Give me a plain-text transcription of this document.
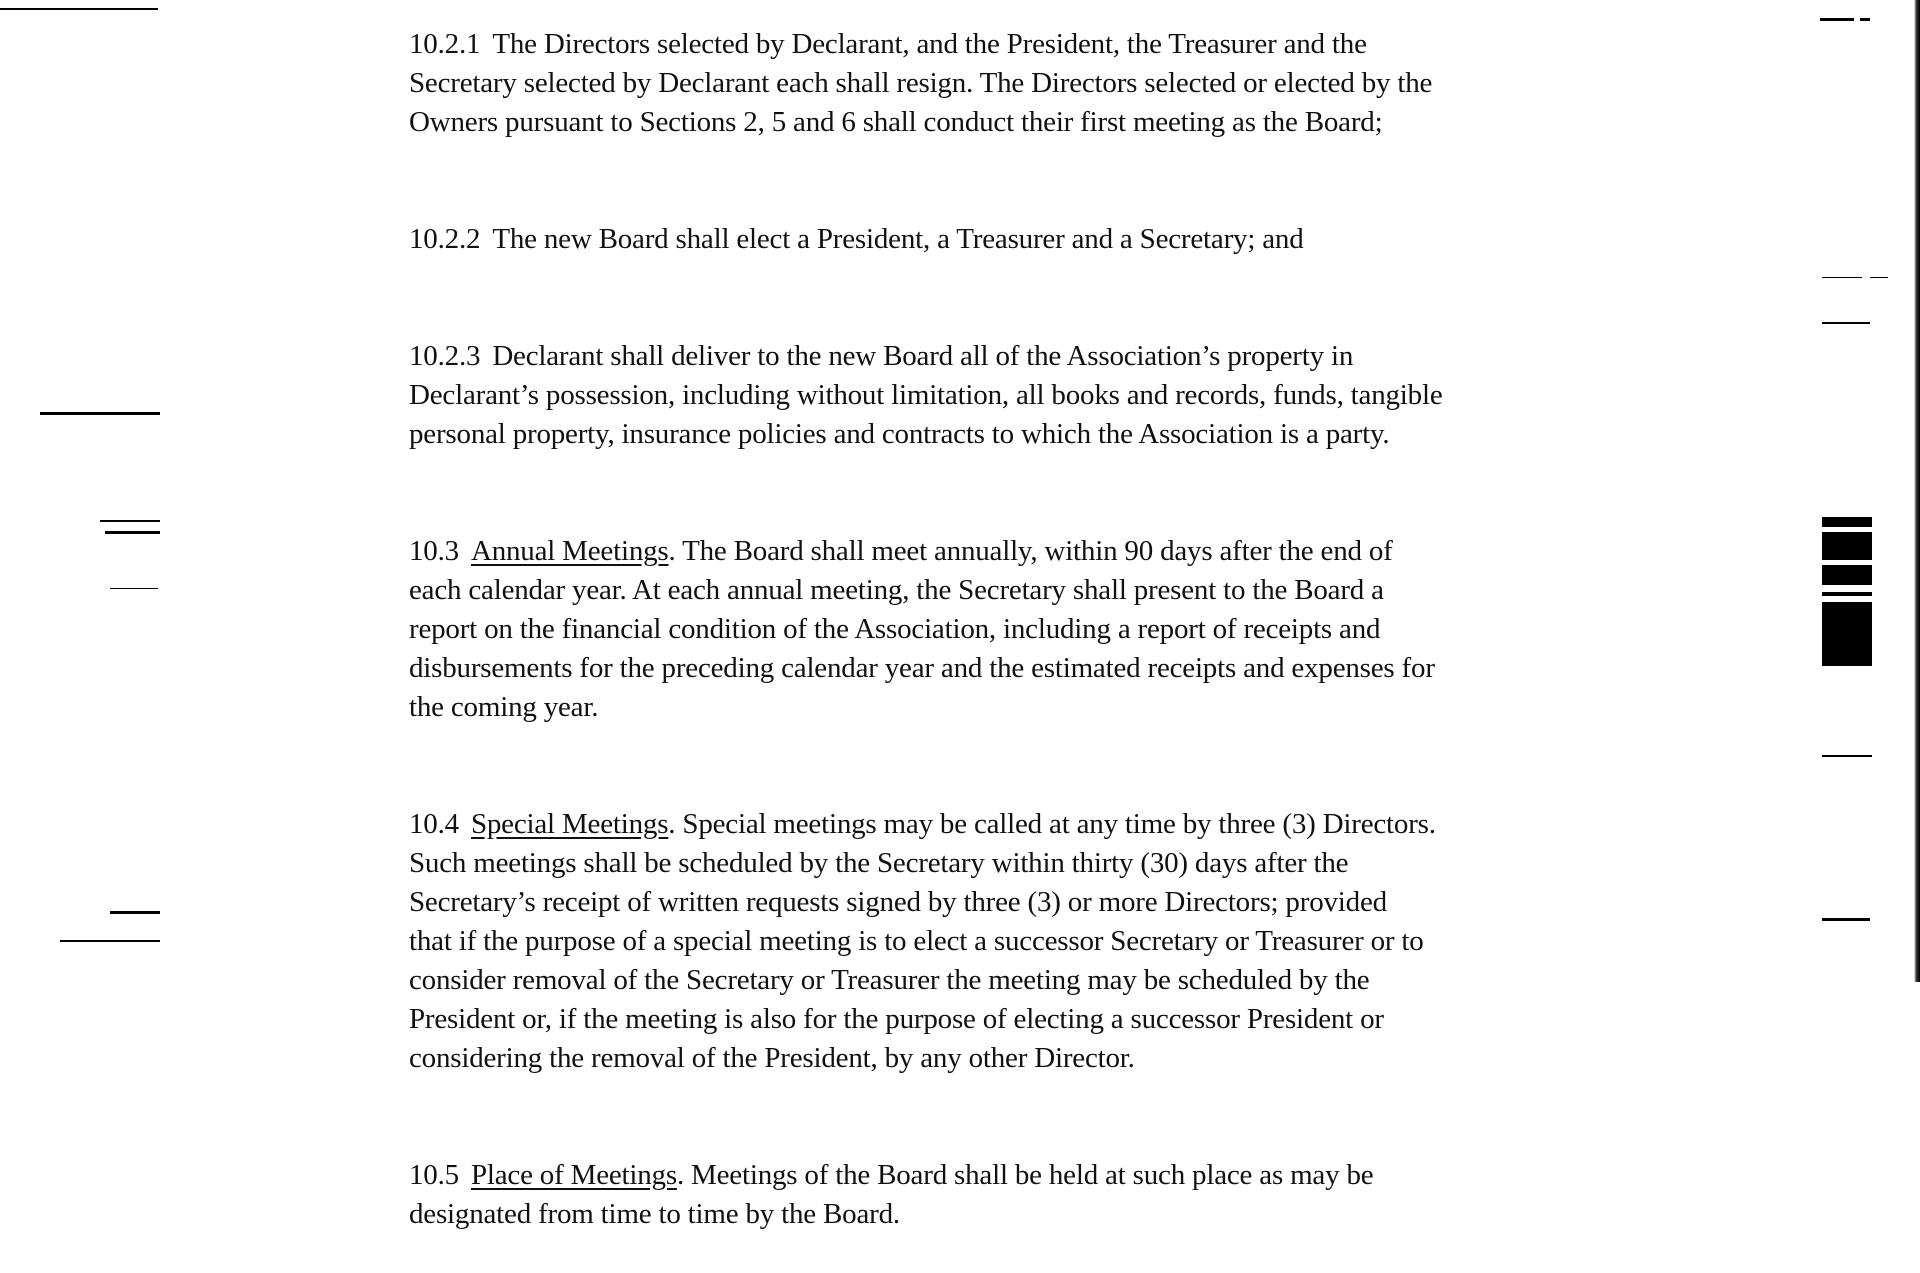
10.2.1 The Directors selected by Declarant, and the President, the Treasurer and the
Secretary selected by Declarant each shall resign. The Directors selected or elected by the
Owners pursuant to Sections 2, 5 and 6 shall conduct their first meeting as the Board;

10.2.2 The new Board shall elect a President, a Treasurer and a Secretary; and

10.2.3 Declarant shall deliver to the new Board all of the Association’s property in
Declarant’s possession, including without limitation, all books and records, funds, tangible
personal property, insurance policies and contracts to which the Association is a party.

10.3 Annual Meetings. The Board shall meet annually, within 90 days after the end of
each calendar year. At each annual meeting, the Secretary shall present to the Board a
report on the financial condition of the Association, including a report of receipts and
disbursements for the preceding calendar year and the estimated receipts and expenses for
the coming year.

10.4 Special Meetings. Special meetings may be called at any time by three (3) Directors.
Such meetings shall be scheduled by the Secretary within thirty (30) days after the
Secretary’s receipt of written requests signed by three (3) or more Directors; provided
that if the purpose of a special meeting is to elect a successor Secretary or Treasurer or to
consider removal of the Secretary or Treasurer the meeting may be scheduled by the
President or, if the meeting is also for the purpose of electing a successor President or
considering the removal of the President, by any other Director.

10.5 Place of Meetings. Meetings of the Board shall be held at such place as may be
designated from time to time by the Board.
